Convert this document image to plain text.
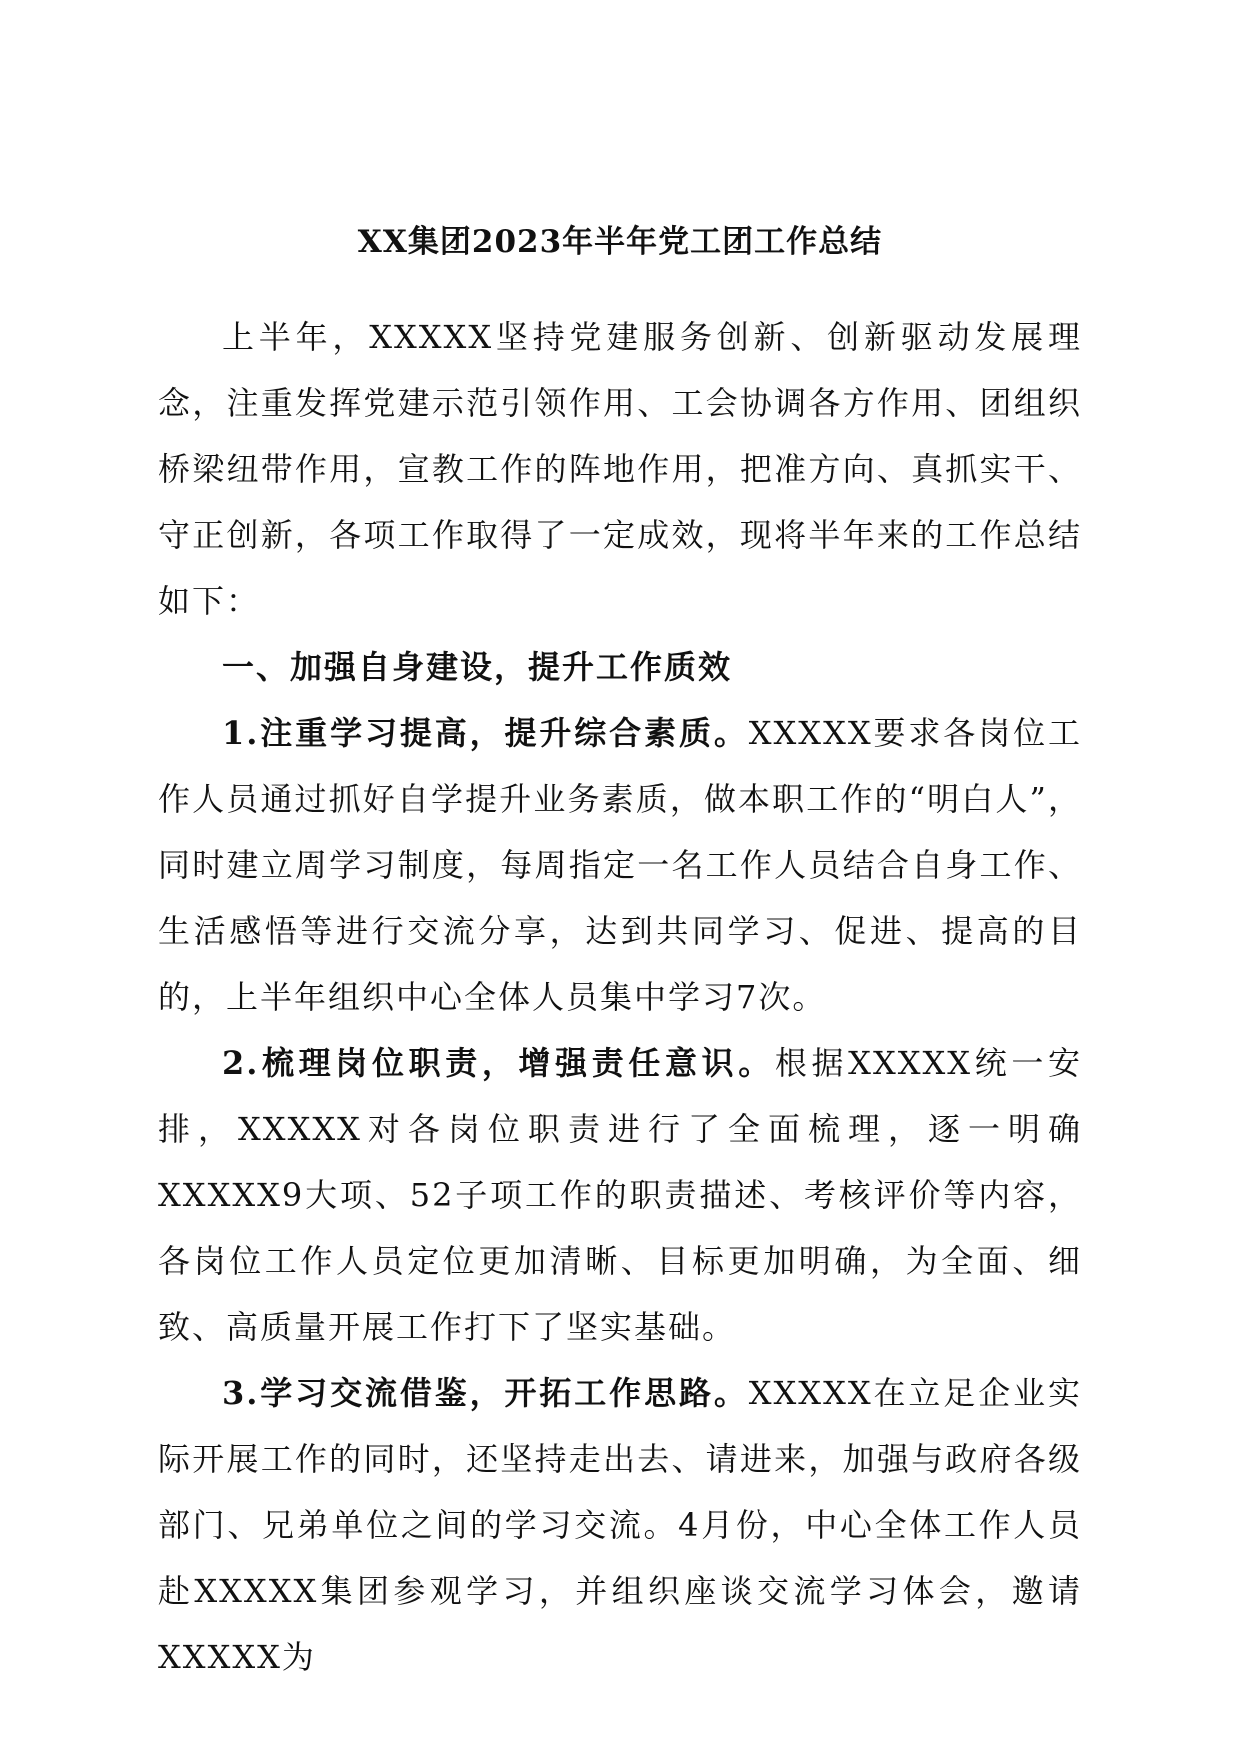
XX集团2023年半年党工团工作总结

上半年，XXXXX坚持党建服务创新、创新驱动发展理念，注重发挥党建示范引领作用、工会协调各方作用、团组织桥梁纽带作用，宣教工作的阵地作用，把准方向、真抓实干、守正创新，各项工作取得了一定成效，现将半年来的工作总结如下：

一、加强自身建设，提升工作质效

1.注重学习提高，提升综合素质。XXXXX要求各岗位工作人员通过抓好自学提升业务素质，做本职工作的“明白人”，同时建立周学习制度，每周指定一名工作人员结合自身工作、生活感悟等进行交流分享，达到共同学习、促进、提高的目的，上半年组织中心全体人员集中学习7次。

2.梳理岗位职责，增强责任意识。根据XXXXX统一安排，XXXXX对各岗位职责进行了全面梳理，逐一明确XXXXX9大项、52子项工作的职责描述、考核评价等内容，各岗位工作人员定位更加清晰、目标更加明确，为全面、细致、高质量开展工作打下了坚实基础。

3.学习交流借鉴，开拓工作思路。XXXXX在立足企业实际开展工作的同时，还坚持走出去、请进来，加强与政府各级部门、兄弟单位之间的学习交流。4月份，中心全体工作人员赴XXXXX集团参观学习，并组织座谈交流学习体会，邀请XXXXX为
